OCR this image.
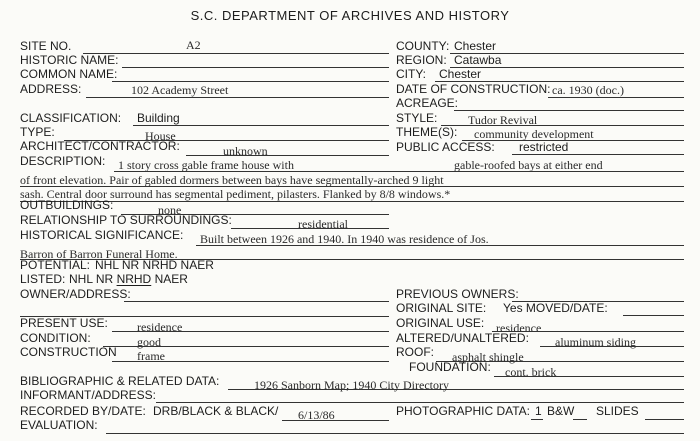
S.C. DEPARTMENT OF ARCHIVES AND HISTORY
SITE NO.	A2
HISTORIC NAME:
COMMON NAME:
ADDRESS:	102 Academy Street
CLASSIFICATION: Building
TYPE:	House
ARCHITECT/CONTRACTOR:	unknown
DESCRIPTION: 1 story cross gable frame house with	gable-roofed bays at either end
of front elevation. Pair of gabled dormers between bays have segmentally-arched 9 light
sash. Central door surround has segmental pediment, pilasters. Flanked by 8/8 windows.*
OUTBUILDINGS:	none
RELATIONSHIP TO SURROUNDINGS:	residential
HISTORICAL SIGNIFICANCE: Built between 1926 and 1940. In 1940 was residence of Jos.
Barron of Barron Funeral Home.
POTENTIAL: NHL NR NRHD NAER
LISTED: NHL NR NRHD NAER
OWNER/ADDRESS:
PRESENT USE: residence
CONDITION:	good
CONSTRUCTION frame
BIBLIOGRAPHIC & RELATED DATA:	1926 Sanborn Map; 1940 City Directory
INFORMANT/ADDRESS:
RECORDED BY/DATE: DRB/BLACK & BLACK/ 6/13/86
EVALUATION:
COUNTY: Chester
REGION: Catawba
CITY: Chester
DATE OF CONSTRUCTION: ca. 1930 (doc.)
ACREAGE:
STYLE:	Tudor Revival
THEME(S): community development
PUBLIC ACCESS: restricted
PREVIOUS OWNERS:
ORIGINAL SITE: Yes MOVED/DATE:
ORIGINAL USE: residence
ALTERED/UNALTERED: aluminum siding
ROOF: asphalt shingle
FOUNDATION: cont. brick
PHOTOGRAPHIC DATA: 1 B&W SLIDES
